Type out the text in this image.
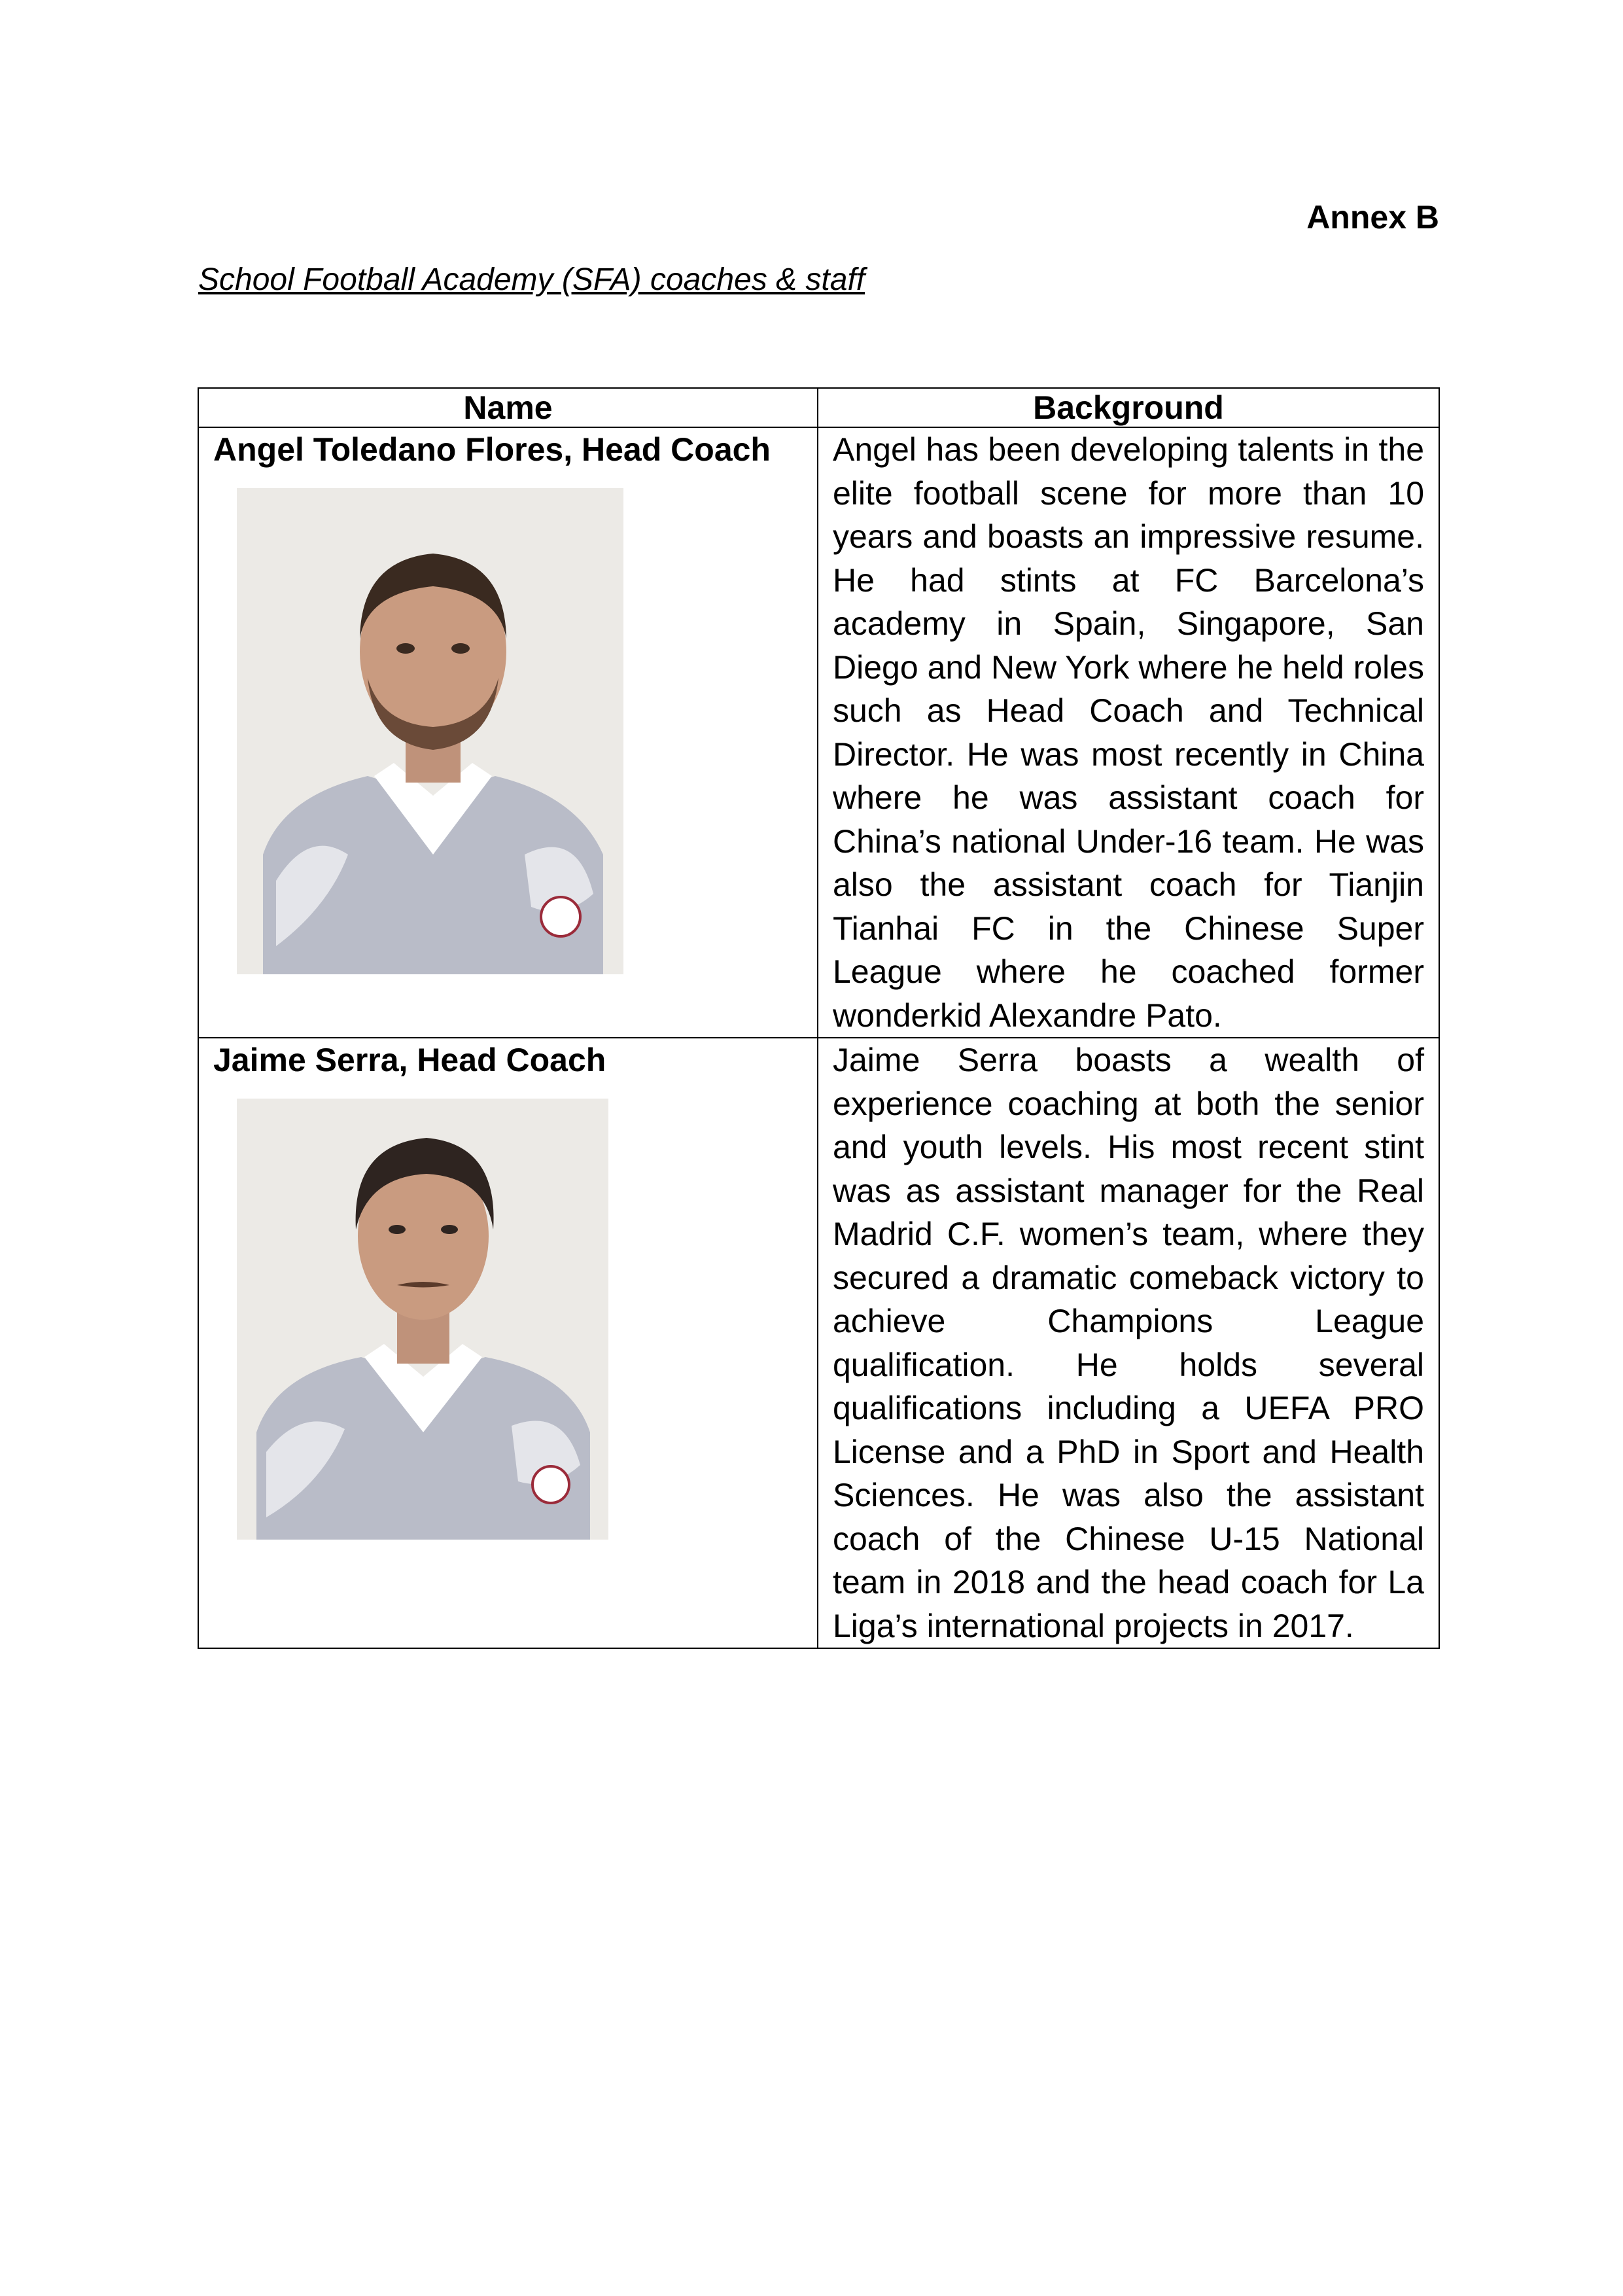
Annex B
School Football Academy (SFA) coaches & staff
Name	Background

Angel Toledano Flores, Head Coach	Angel has been developing talents in the elite football scene for more than 10 years and boasts an impressive resume. He had stints at FC Barcelona’s academy in Spain, Singapore, San Diego and New York where he held roles such as Head Coach and Technical Director. He was most recently in China where he was assistant coach for China’s national Under-16 team. He was also the assistant coach for Tianjin Tianhai FC in the Chinese Super League where he coached former wonderkid Alexandre Pato.

Jaime Serra, Head Coach	Jaime Serra boasts a wealth of experience coaching at both the senior and youth levels. His most recent stint was as assistant manager for the Real Madrid C.F. women’s team, where they secured a dramatic comeback victory to achieve Champions League qualification. He holds several qualifications including a UEFA PRO License and a PhD in Sport and Health Sciences. He was also the assistant coach of the Chinese U-15 National team in 2018 and the head coach for La Liga’s international projects in 2017.
